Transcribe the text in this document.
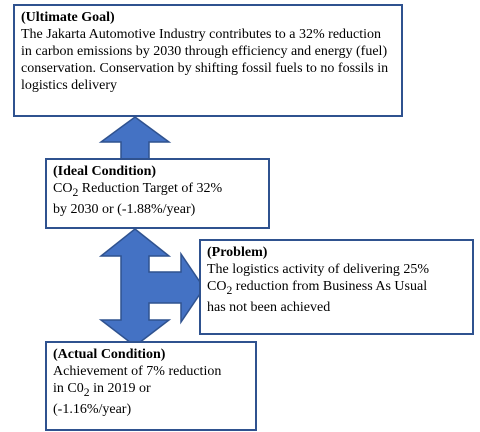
(Ultimate Goal)
The Jakarta Automotive Industry contributes to a 32% reduction in carbon emissions by 2030 through efficiency and energy (fuel) conservation. Conservation by shifting fossil fuels to no fossils in logistics delivery
(Ideal Condition)
$CO_2$ Reduction Target of 32%
by 2030 or (-1.88%/year)
(Problem)
The logistics activity of delivering 25%
$CO_2$ reduction from Business As Usual
has not been achieved
(Actual Condition)
Achievement of 7% reduction
in $C0_2$ in 2019 or
(-1.16%/year)
